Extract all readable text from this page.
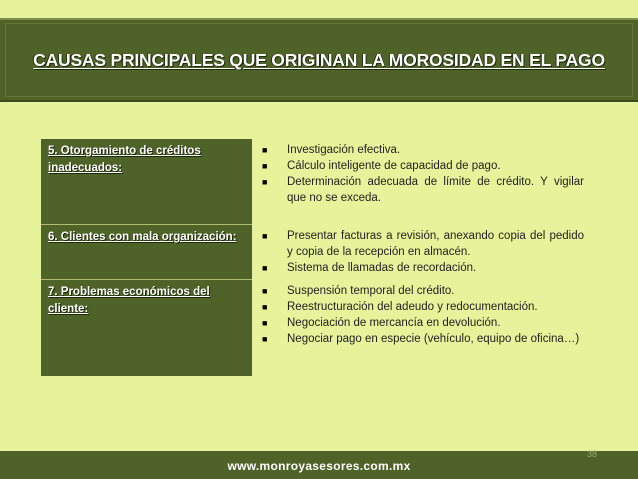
CAUSAS PRINCIPALES QUE ORIGINAN LA MOROSIDAD EN EL PAGO
5. Otorgamiento de créditos inadecuados:
■	Investigación efectiva.
■	Cálculo inteligente de capacidad de pago.
■	Determinación adecuada de límite de crédito. Y vigilar que no se exceda.
6. Clientes con mala organización:	■	Presentar facturas a revisión, anexando copia del pedido y copia de la recepción en almacén.
■	Sistema de llamadas de recordación.
7. Problemas económicos del cliente:
■	Suspensión temporal del crédito.
■	Reestructuración del adeudo y redocumentación.
■	Negociación de mercancía en devolución.
■	Negociar pago en especie (vehículo, equipo de oficina…)
www.monroyasesores.com.mx
38
